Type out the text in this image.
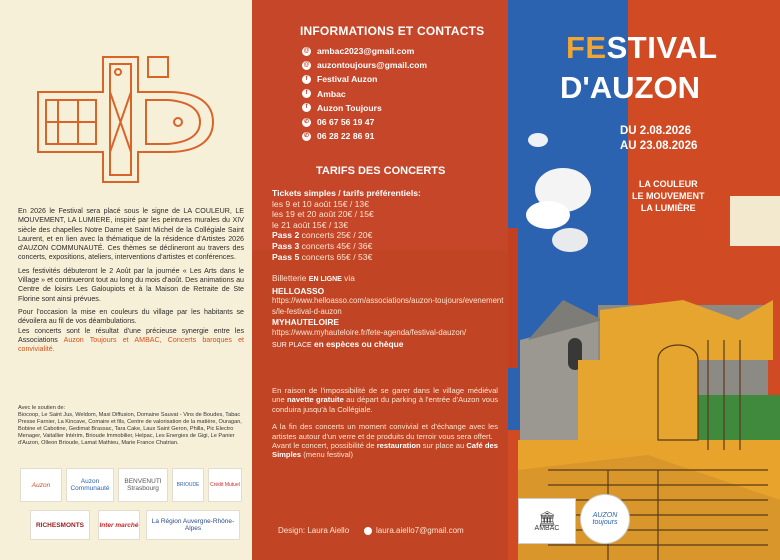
En 2026 le Festival sera placé sous le signe de LA COULEUR, LE MOUVEMENT, LA LUMIERE, inspiré par les peintures murales du XIV siècle des chapelles Notre Dame et Saint Michel de la Collégiale Saint Laurent, et en lien avec la thématique de la résidence d'Artistes 2026 d'AUZON COMMUNAUTÉ. Ces thèmes se déclineront au travers des concerts, expositions, ateliers, interventions d'artistes et conférences.

Les festivités débuteront le 2 Août par la journée « Les Arts dans le Village » et continueront tout au long du mois d'août. Des animations au Centre de loisirs Les Galoupiots et à la Maison de Retraite de Ste Florine sont ainsi prévues.

Pour l'occasion la mise en couleurs du village par les habitants se dévoilera au fil de vos déambulations.

Les concerts sont le résultat d'une précieuse synergie entre les Associations Auzon Toujours et AMBAC, Concerts baroques et convivialité.

Avec le soutien de:
Biocoop, Le Saint Jus, Weldom, Maxi Diffusion, Domaine Sauvat - Vins de Boudes, Tabac Presse Farnier, La Kincave, Comaire et fils, Centre de valorisation de la matière, Ouragan, Bobine et Cabotine, Gedimat Brassac, Tara Cake, Laux Saint Geron, Philla, Pic Electro Menager, Vaitallier Intérim, Brioude Immobilier, Helpac, Les Energies de Gigi, Le Panier d'Auzon, Olleon Brioude, Lamat Mathieu, Marie France Chatrian.
Auzon	Auzon Communauté
BENVENUTI Strasbourg
BRIOUDE	Crédit Mutuel
RICHESMONTS	Inter marché	La Région Auvergne-Rhône-Alpes
INFORMATIONS ET CONTACTS
@ ambac2023@gmail.com
@ auzontoujours@gmail.com
f	Festival Auzon
f	Ambac
f	Auzon Toujours
✆ 06 67 56 19 47
✆ 06 28 22 86 91
TARIFS DES CONCERTS
Tickets simples / tarifs préférentiels:
les 9 et 10 août 15€ / 13€
les 19 et 20 août 20€ / 15€
le 21 août 15€ / 13€
Pass 2 concerts 25€ / 20€
Pass 3 concerts 45€ / 36€
Pass 5 concerts 65€ / 53€
Billetterie EN LIGNE via
HELLOASSO
https://www.helloasso.com/associations/auzon-toujours/evenements/le-festival-d-auzon
MYHAUTELOIRE
https://www.myhauteloire.fr/fete-agenda/festival-dauzon/
SUR PLACE en espèces ou chèque

En raison de l'impossibilité de se garer dans le village médiéval une navette gratuite au départ du parking à l'entrée d'Auzon vous conduira jusqu'à la Collégiale.

A la fin des concerts un moment convivial et d'échange avec les artistes autour d'un verre et de produits du terroir vous sera offert.

Avant le concert, possibilité de restauration sur place au Café des Simples (menu festival)

Design: Laura Aiello	laura.aiello7@gmail.com
FESTIVAL
D'AUZON
DU 2.08.2026
AU 23.08.2026
LA COULEUR
LE MOUVEMENT
LA LUMIÈRE
🏛
AMBAC
AUZON toujours
